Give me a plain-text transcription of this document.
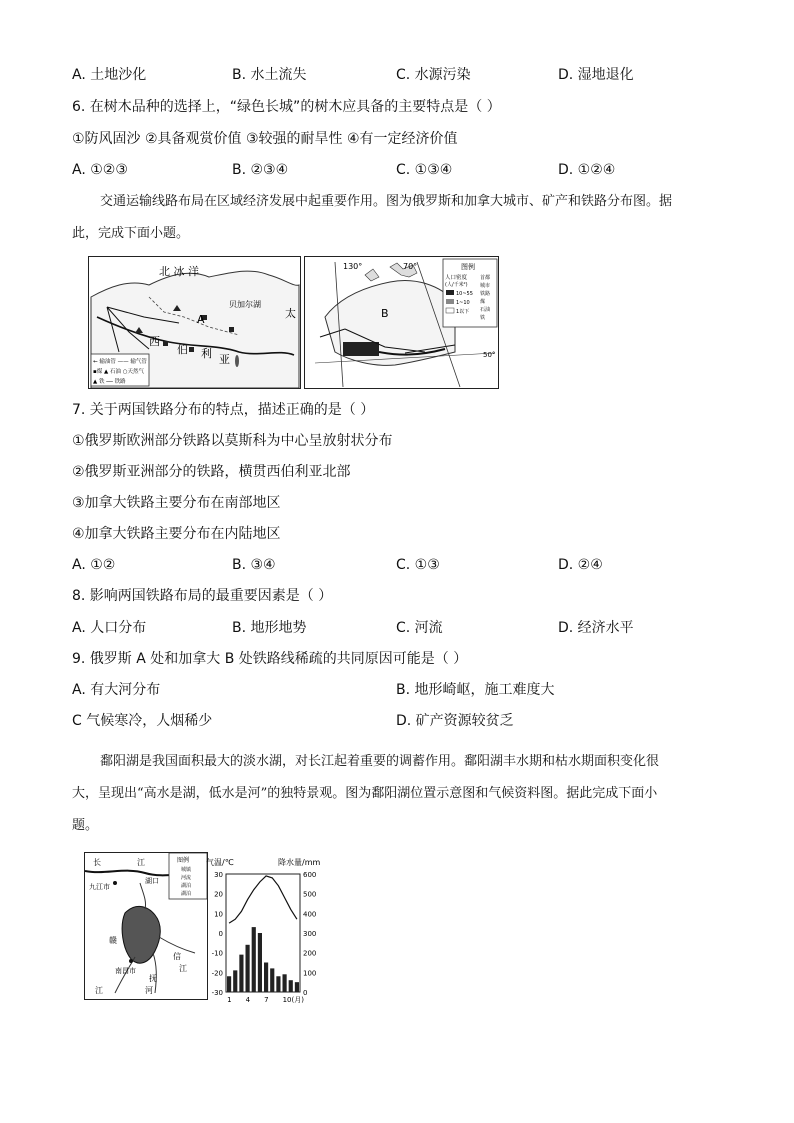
A. 土地沙化	B. 水土流失	C. 水源污染	D. 湿地退化
6. 在树木品种的选择上，“绿色长城”的树木应具备的主要特点是（ ）
①防风固沙 ②具备观赏价值 ③较强的耐旱性 ④有一定经济价值
A. ①②③	B. ②③④	C. ①③④	D. ①②④
交通运输线路布局在区域经济发展中起重要作用。图为俄罗斯和加拿大城市、矿产和铁路分布图。据
此，完成下面小题。
北 冰 洋
贝加尔湖
西
伯 利 亚
A	太
← 输油管 —— 输气管
▪煤 ▲ 石油 ○天然气
▲ 铁 ── 铁路
130°	70°
50°
B
图例
人口密度
(人/千米²)
10~55
1~10
1以下
首都
城市
铁路
煤
石油
铁
7. 关于两国铁路分布的特点，描述正确的是（ ）
①俄罗斯欧洲部分铁路以莫斯科为中心呈放射状分布
②俄罗斯亚洲部分的铁路，横贯西伯利亚北部
③加拿大铁路主要分布在南部地区
④加拿大铁路主要分布在内陆地区
A. ①②	B. ③④	C. ①③	D. ②④
8. 影响两国铁路布局的最重要因素是（ ）
A. 人口分布	B. 地形地势	C. 河流	D. 经济水平
9. 俄罗斯 A 处和加拿大 B 处铁路线稀疏的共同原因可能是（ ）
A. 有大河分布	B. 地形崎岖，施工难度大
C 气候寒冷，人烟稀少	D. 矿产资源较贫乏
鄱阳湖是我国面积最大的淡水湖，对长江起着重要的调蓄作用。鄱阳湖丰水期和枯水期面积变化很
大，呈现出“高水是湖，低水是河”的独特景观。图为鄱阳湖位置示意图和气候资料图。据此完成下面小
题。
长	江
湖口
九江市
赣
南昌市
抚
河
信
江
江
图例
城镇
河流
湖泊
湖泊
气温/℃	降水量/mm
30
20
10
0
-10
-20
-30
600
500
400
300
200
100
0
1 4 7 10(月)
